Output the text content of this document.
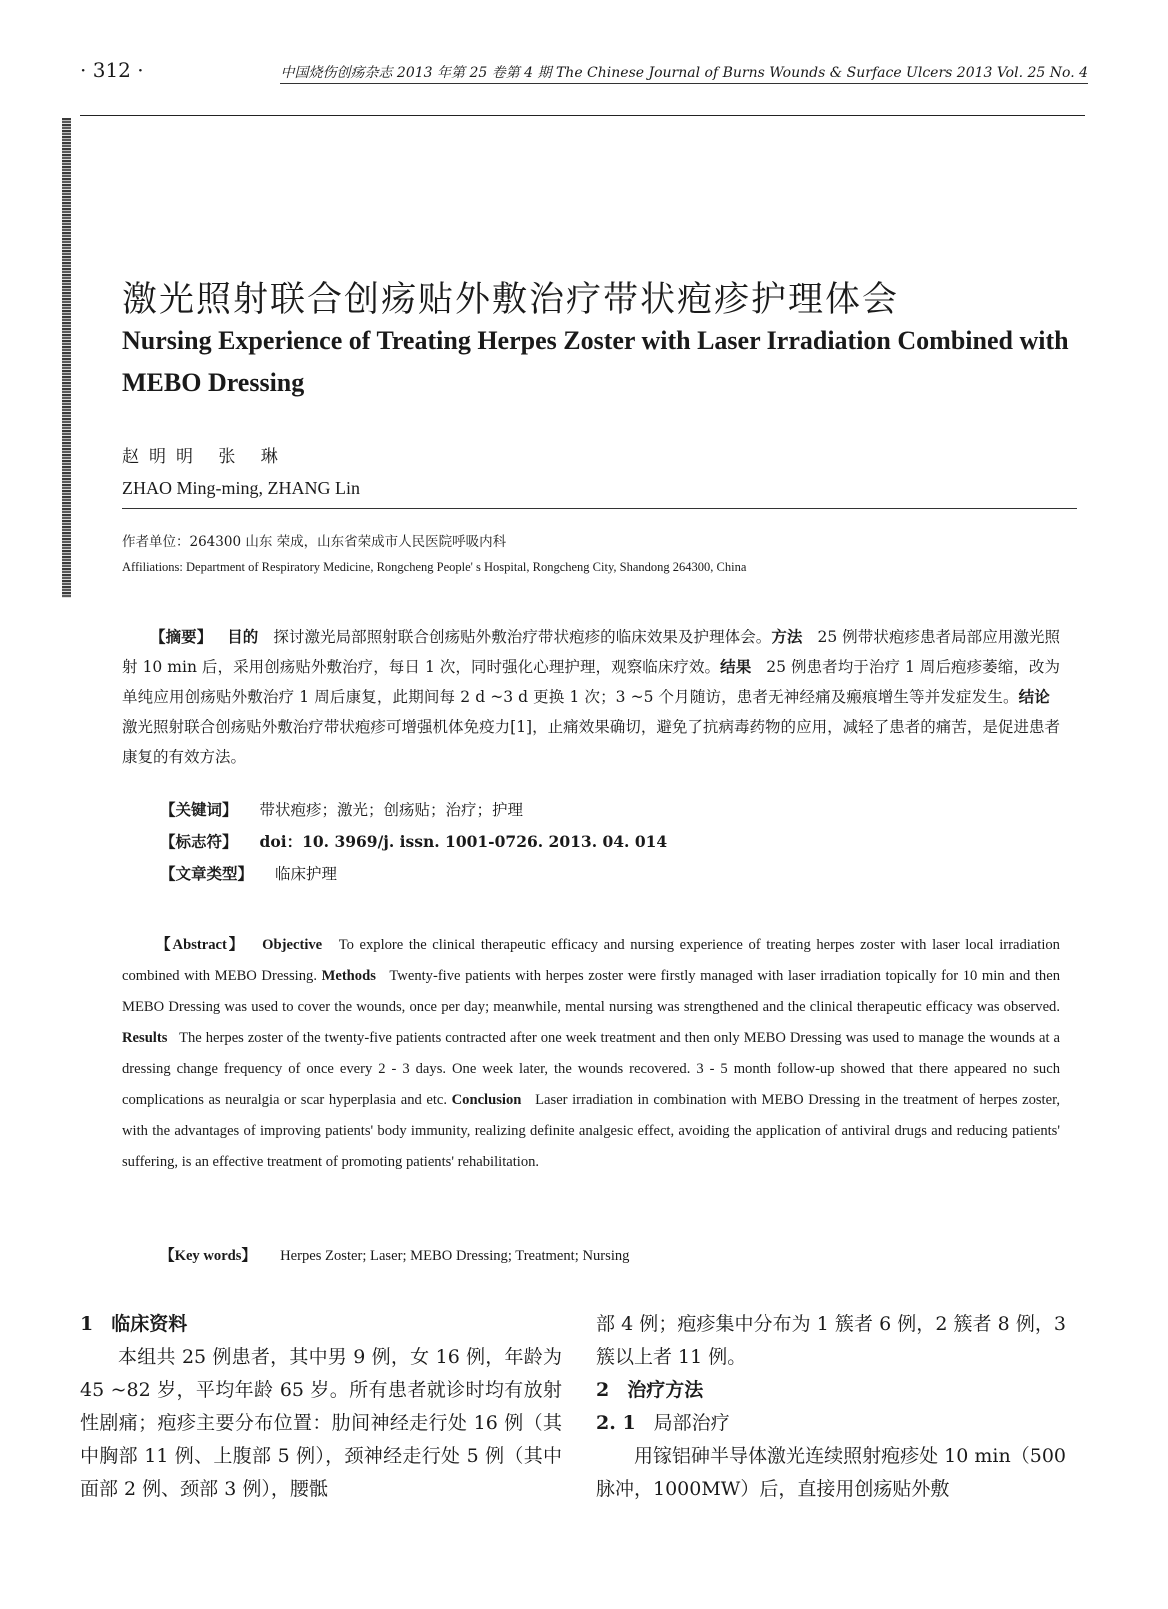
· 312 ·	中国烧伤创疡杂志 2013 年第 25 卷第 4 期 The Chinese Journal of Burns Wounds & Surface Ulcers 2013 Vol. 25 No. 4
激光照射联合创疡贴外敷治疗带状疱疹护理体会
Nursing Experience of Treating Herpes Zoster with Laser Irradiation Combined with MEBO Dressing
赵明明 张 琳
ZHAO Ming-ming, ZHANG Lin
作者单位：264300 山东 荣成，山东省荣成市人民医院呼吸内科
Affiliations: Department of Respiratory Medicine, Rongcheng People' s Hospital, Rongcheng City, Shandong 264300, China
【摘要】 目的 探讨激光局部照射联合创疡贴外敷治疗带状疱疹的临床效果及护理体会。方法 25 例带状疱疹患者局部应用激光照射 10 min 后，采用创疡贴外敷治疗，每日 1 次，同时强化心理护理，观察临床疗效。结果 25 例患者均于治疗 1 周后疱疹萎缩，改为单纯应用创疡贴外敷治疗 1 周后康复，此期间每 2 d ~3 d 更换 1 次；3 ~5 个月随访，患者无神经痛及瘢痕增生等并发症发生。结论   激光照射联合创疡贴外敷治疗带状疱疹可增强机体免疫力[1]，止痛效果确切，避免了抗病毒药物的应用，减轻了患者的痛苦，是促进患者康复的有效方法。
【关键词】 带状疱疹；激光；创疡贴；治疗；护理
【标志符】 doi：10. 3969/j. issn. 1001-0726. 2013. 04. 014
【文章类型】 临床护理
【Abstract】 Objective To explore the clinical therapeutic efficacy and nursing experience of treating herpes zoster with laser local irradiation combined with MEBO Dressing. Methods Twenty-five patients with herpes zoster were firstly managed with laser irradiation topically for 10 min and then MEBO Dressing was used to cover the wounds, once per day; meanwhile, mental nursing was strengthened and the clinical therapeutic efficacy was observed. Results The herpes zoster of the twenty-five patients contracted after one week treatment and then only MEBO Dressing was used to manage the wounds at a dressing change frequency of once every 2 - 3 days. One week later, the wounds recovered. 3 - 5 month follow-up showed that there appeared no such complications as neuralgia or scar hyperplasia and etc. Conclusion Laser irradiation in combination with MEBO Dressing in the treatment of herpes zoster, with the advantages of improving patients' body immunity, realizing definite analgesic effect, avoiding the application of antiviral drugs and reducing patients' suffering, is an effective treatment of promoting patients' rehabilitation.
【Key words】 Herpes Zoster; Laser; MEBO Dressing; Treatment; Nursing
1 临床资料
本组共 25 例患者，其中男 9 例，女 16 例，年龄为 45 ~82 岁，平均年龄 65 岁。所有患者就诊时均有放射性剧痛；疱疹主要分布位置：肋间神经走行处 16 例（其中胸部 11 例、上腹部 5 例），颈神经走行处 5 例（其中面部 2 例、颈部 3 例），腰骶
部 4 例；疱疹集中分布为 1 簇者 6 例，2 簇者 8 例，3 簇以上者 11 例。
2 治疗方法
2. 1 局部治疗
用镓铝砷半导体激光连续照射疱疹处 10 min（500 脉冲，1000MW）后，直接用创疡贴外敷
